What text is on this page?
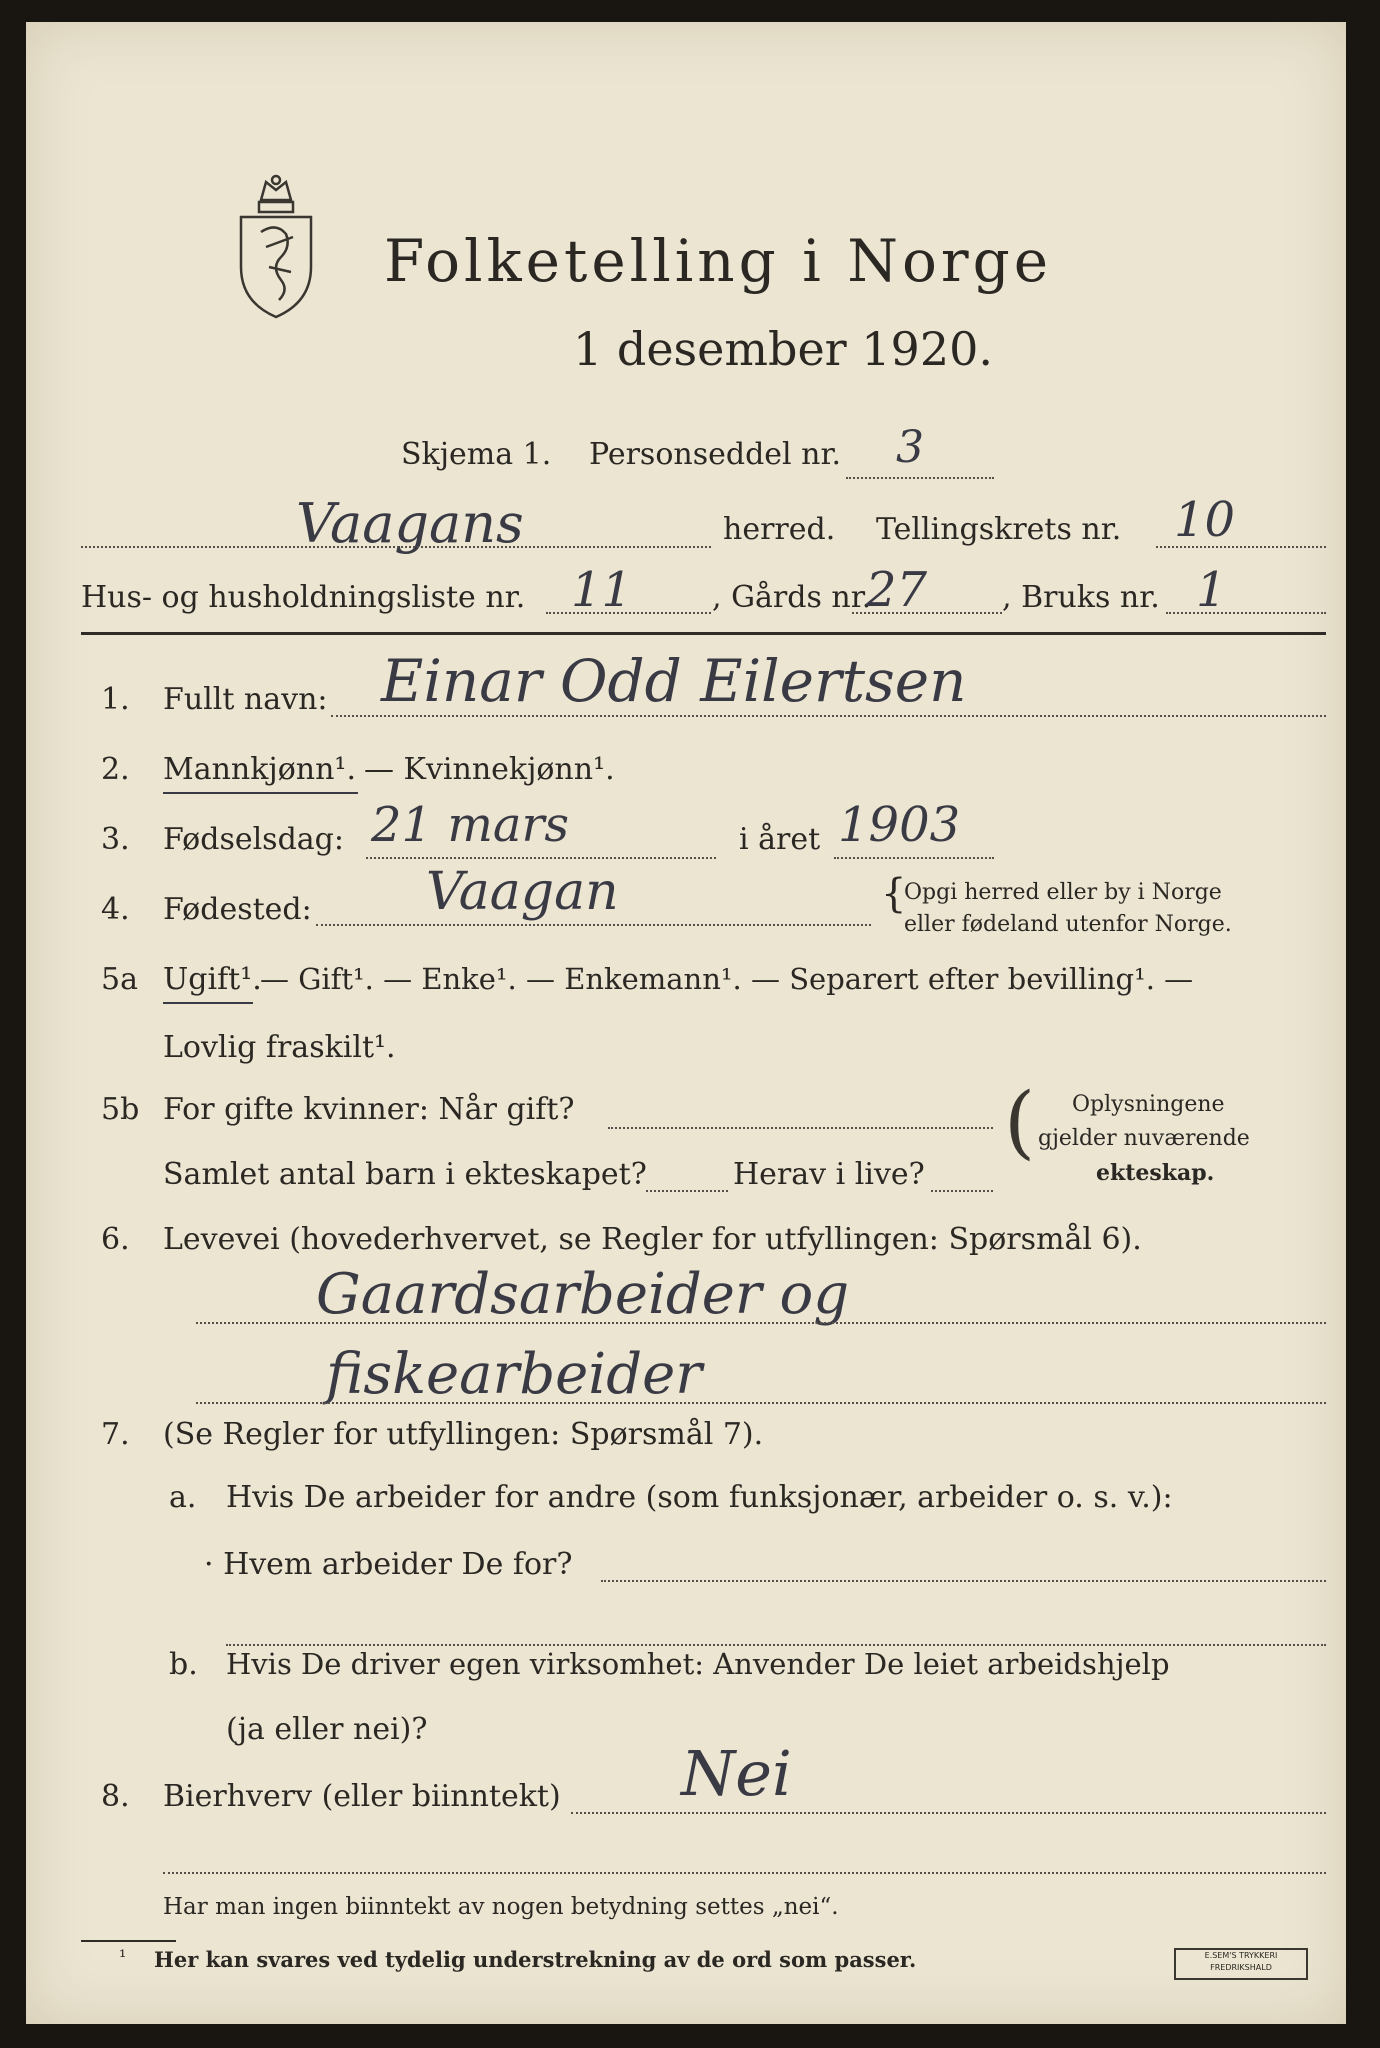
Folketelling i Norge
1 desember 1920.
Skjema 1. Personseddel nr. 3
Vaagans	herred. Tellingskrets nr. 10
Hus- og husholdningsliste nr. 11	, Gårds nr.
27 , Bruks nr. 1
1. Fullt navn: Einar Odd Eilertsen
2. Mannkjønn¹. — Kvinnekjønn¹.
3. Fødselsdag: 21 mars	i året 1903
4. Fødested: Vaagan	{
Opgi herred eller by i Norge
eller fødeland utenfor Norge.
5a Ugift¹.
— Gift¹. — Enke¹. — Enkemann¹. — Separert efter bevilling¹. —
Lovlig fraskilt¹.
5b For gifte kvinner: Når gift?
Samlet antal barn i ekteskapet?	Herav i live?
( Oplysningene
gjelder nuværende
ekteskap.
6. Levevei (hovederhvervet, se Regler for utfyllingen: Spørsmål 6).
Gaardsarbeider og
fiskearbeider
7. (Se Regler for utfyllingen: Spørsmål 7).
a. Hvis De arbeider for andre (som funksjonær, arbeider o. s. v.):
· Hvem arbeider De for?
b. Hvis De driver egen virksomhet: Anvender De leiet arbeidshjelp
(ja eller nei)?
8. Bierhverv (eller biinntekt) Nei
Har man ingen biinntekt av nogen betydning settes „nei“.
¹ Her kan svares ved tydelig understrekning av de ord som passer.	E.SEM'S TRYKKERI
FREDRIKSHALD
